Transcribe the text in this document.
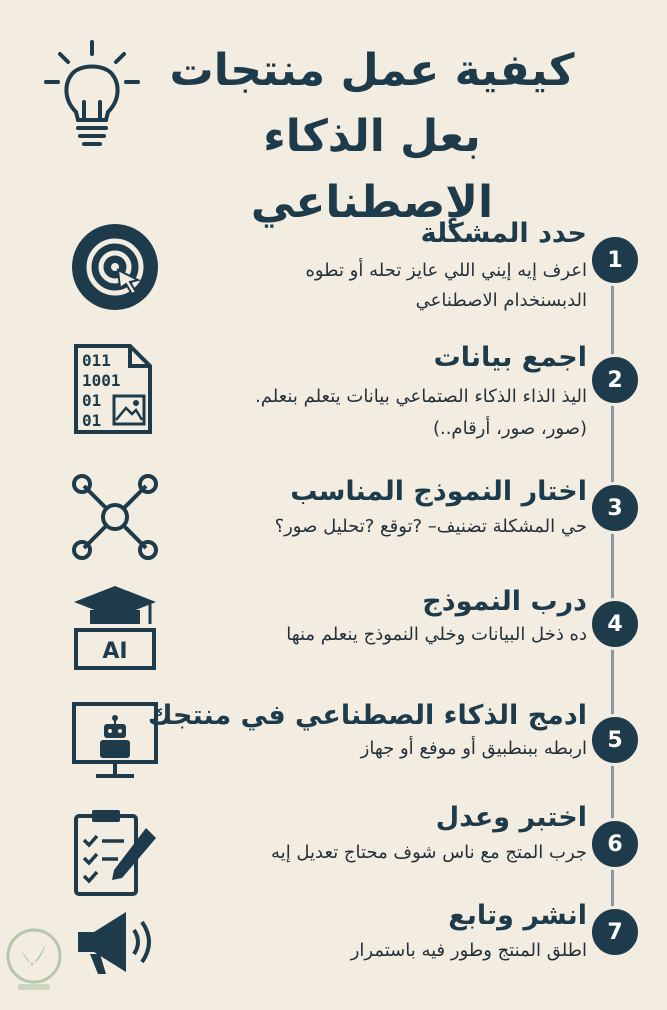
كيفية عمل منتجات
بعل الذكاء الإصطناعي
1
حدد المشكلة
اعرف إيه إيني اللي عايز تحله أو تطوه
الدبسنخدام الاصطناعي
011
1001
01
01
2
اجمع بيانات
اليذ الذاء الذكاء الصتماعي بيانات يتعلم بنعلم.
(صور، صور، أرقام..)
3
اختار النموذج المناسب
حي المشكلة تضنيف– ?توقع ?تحليل صور؟
AI
4
درب النموذج
ده ذخل البيانات وخلي النموذج ينعلم منها
5
ادمج الذكاء الصطناعي في منتجك
اربطه ببنطبيق أو موفع أو جهاز
6
اختبر وعدل
جرب المتج مع ناس شوف محتاج تعديل إيه
7
انشر وتابع
اطلق المنتج وطور فيه باستمرار
